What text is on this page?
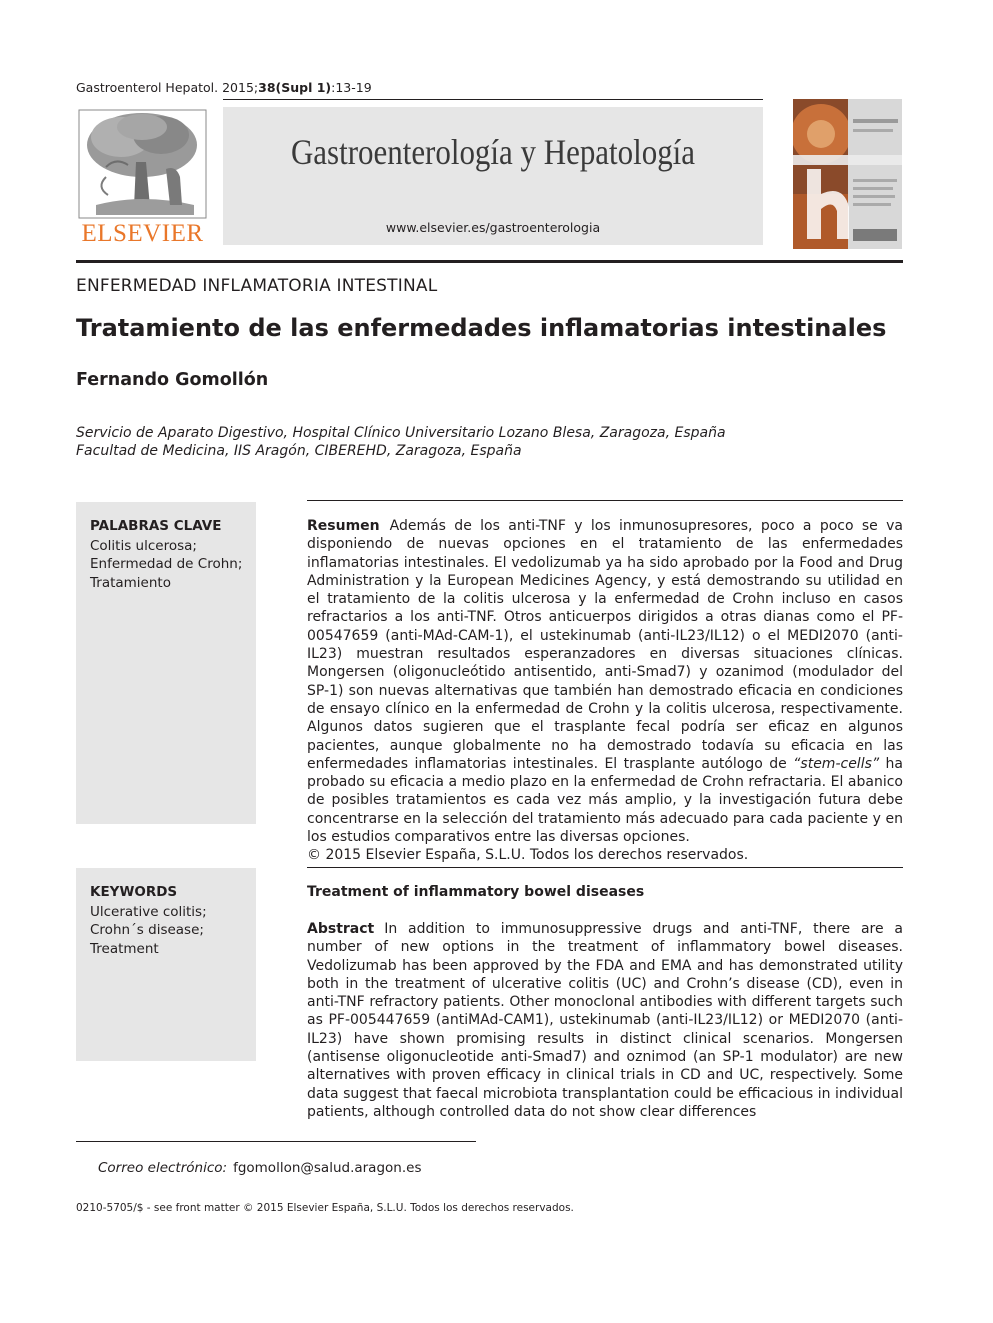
Gastroenterol Hepatol. 2015;38(Supl 1):13-19
ELSEVIER
Gastroenterología y Hepatología
www.elsevier.es/gastroenterologia
ENFERMEDAD INFLAMATORIA INTESTINAL
Tratamiento de las enfermedades inflamatorias intestinales
Fernando Gomollón
Servicio de Aparato Digestivo, Hospital Clínico Universitario Lozano Blesa, Zaragoza, España
Facultad de Medicina, IIS Aragón, CIBEREHD, Zaragoza, España
PALABRAS CLAVE
Colitis ulcerosa;
Enfermedad de Crohn;
Tratamiento
Resumen Además de los anti-TNF y los inmunosupresores, poco a poco se va disponiendo de nuevas opciones en el tratamiento de las enfermedades inflamatorias intestinales. El vedolizumab ya ha sido aprobado por la Food and Drug Administration y la European Medicines Agency, y está demostrando su utilidad en el tratamiento de la colitis ulcerosa y la enfermedad de Crohn incluso en casos refractarios a los anti-TNF. Otros anticuerpos dirigidos a otras dianas como el PF-00547659 (anti-MAd-CAM-1), el ustekinumab (anti-IL23/IL12) o el MEDI2070 (anti-IL23) muestran resultados esperanzadores en diversas situaciones clínicas. Mongersen (oligonucleótido antisentido, anti-Smad7) y ozanimod (modulador del SP-1) son nuevas alternativas que también han demostrado eficacia en condiciones de ensayo clínico en la enfermedad de Crohn y la colitis ulcerosa, respectivamente. Algunos datos sugieren que el trasplante fecal podría ser eficaz en algunos pacientes, aunque globalmente no ha demostrado todavía su eficacia en las enfermedades inflamatorias intestinales. El trasplante autólogo de “stem-cells” ha probado su eficacia a medio plazo en la enfermedad de Crohn refractaria. El abanico de posibles tratamientos es cada vez más amplio, y la investigación futura debe concentrarse en la selección del tratamiento más adecuado para cada paciente y en los estudios comparativos entre las diversas opciones.
© 2015 Elsevier España, S.L.U. Todos los derechos reservados.
KEYWORDS
Ulcerative colitis;
Crohn´s disease;
Treatment
Treatment of inflammatory bowel diseases
Abstract In addition to immunosuppressive drugs and anti-TNF, there are a number of new options in the treatment of inflammatory bowel diseases. Vedolizumab has been approved by the FDA and EMA and has demonstrated utility both in the treatment of ulcerative colitis (UC) and Crohn’s disease (CD), even in anti-TNF refractory patients. Other monoclonal antibodies with different targets such as PF-005447659 (antiMAd-CAM1), ustekinumab (anti-IL23/IL12) or MEDI2070 (anti-IL23) have shown promising results in distinct clinical scenarios. Mongersen (antisense oligonucleotide anti-Smad7) and oznimod (an SP-1 modulator) are new alternatives with proven efficacy in clinical trials in CD and UC, respectively. Some data suggest that faecal microbiota transplantation could be efficacious in individual patients, although controlled data do not show clear differences
Correo electrónico: fgomollon@salud.aragon.es
0210-5705/$ - see front matter © 2015 Elsevier España, S.L.U. Todos los derechos reservados.
